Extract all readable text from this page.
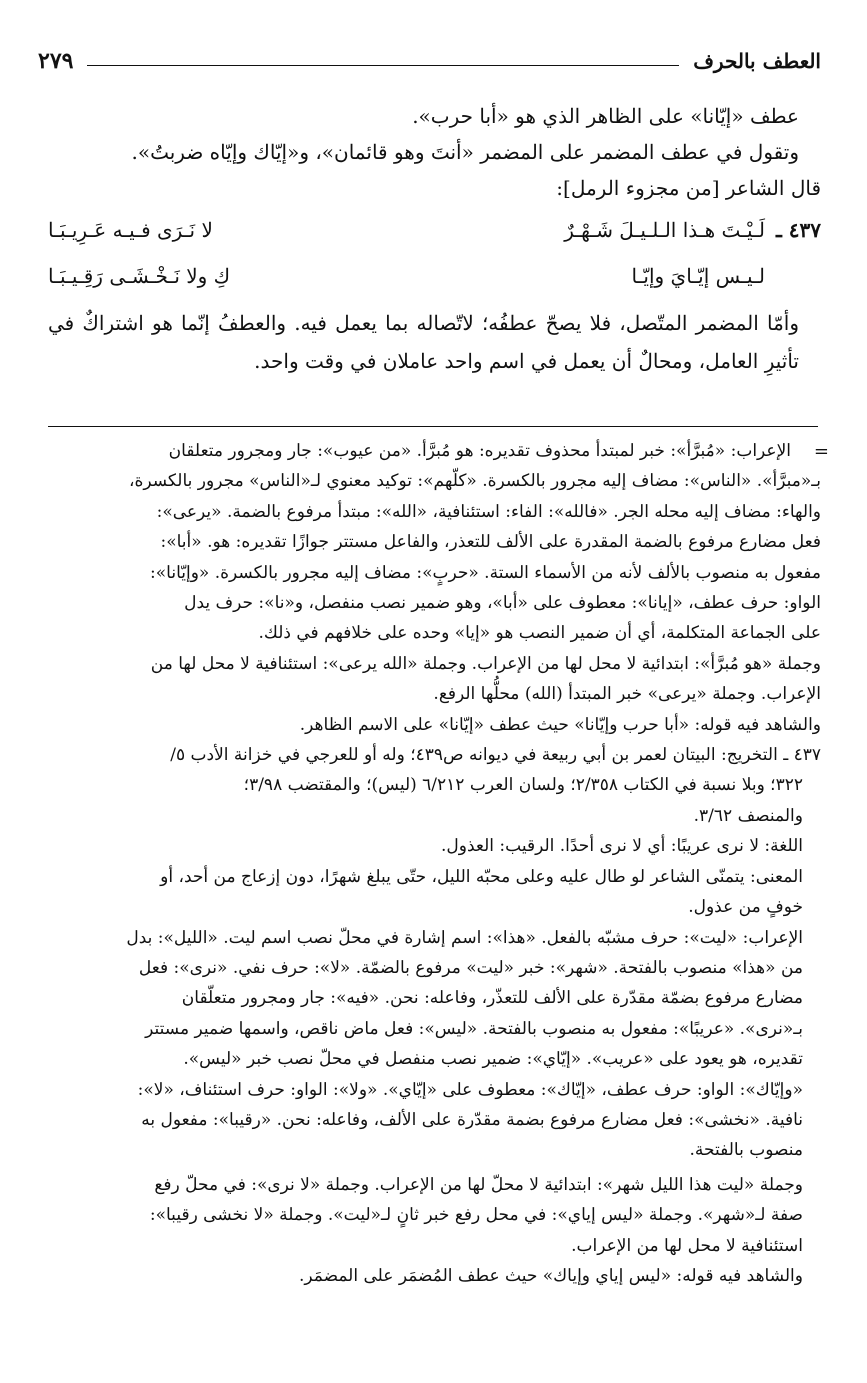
العطف بالحرف
٢٧٩
عطف «إيّانا» على الظاهر الذي هو «أبا حرب».
وتقول في عطف المضمر على المضمر «أنتَ وهو قائمان»، و«إيّاك وإيّاه ضربتُ».
قال الشاعر [من مجزوء الرمل]:
٤٣٧ ـ
لَـيْـتَ هـذا الـلـيـلَ شَـهْـرٌ
لا نَـرَى فـيـه عَـرِيـبَـا
لـيـس إيّـايَ وإيّـا
كِ ولا نَـخْـشَـى رَقِـيـبَـا
وأمّا المضمر المتّصل، فلا يصحّ عطفُه؛ لاتّصاله بما يعمل فيه. والعطفُ إنّما هو اشتراكٌ في تأثيرِ العامل، ومحالٌ أن يعمل في اسم واحد عاملان في وقت واحد.
=
الإعراب: «مُبرَّأ»: خبر لمبتدأ محذوف تقديره: هو مُبرَّأ. «من عيوب»: جار ومجرور متعلقان
بـ«مبرَّأ». «الناس»: مضاف إليه مجرور بالكسرة. «كلّهم»: توكيد معنوي لـ«الناس» مجرور بالكسرة،
والهاء: مضاف إليه محله الجر. «فالله»: الفاء: استئنافية، «الله»: مبتدأ مرفوع بالضمة. «يرعى»:
فعل مضارع مرفوع بالضمة المقدرة على الألف للتعذر، والفاعل مستتر جوازًا تقديره: هو. «أبا»:
مفعول به منصوب بالألف لأنه من الأسماء الستة. «حربٍ»: مضاف إليه مجرور بالكسرة. «وإيّانا»:
الواو: حرف عطف، «إيانا»: معطوف على «أبا»، وهو ضمير نصب منفصل، و«نا»: حرف يدل
على الجماعة المتكلمة، أي أن ضمير النصب هو «إيا» وحده على خلافهم في ذلك.
وجملة «هو مُبرَّأ»: ابتدائية لا محل لها من الإعراب. وجملة «الله يرعى»: استئنافية لا محل لها من
الإعراب. وجملة «يرعى» خبر المبتدأ (الله) محلُّها الرفع.
والشاهد فيه قوله: «أبا حرب وإيّانا» حيث عطف «إيّانا» على الاسم الظاهر.
٤٣٧ ـ التخريج: البيتان لعمر بن أبي ربيعة في ديوانه ص٤٣٩؛ وله أو للعرجي في خزانة الأدب ٥/
٣٢٢؛ وبلا نسبة في الكتاب ٢/٣٥٨؛ ولسان العرب ٦/٢١٢ (ليس)؛ والمقتضب ٣/٩٨؛
والمنصف ٣/٦٢.
اللغة: لا نرى عريبًا: أي لا نرى أحدًا. الرقيب: العذول.
المعنى: يتمنّى الشاعر لو طال عليه وعلى محبّه الليل، حتّى يبلغ شهرًا، دون إزعاج من أحد، أو
خوفٍ من عذول.
الإعراب: «ليت»: حرف مشبّه بالفعل. «هذا»: اسم إشارة في محلّ نصب اسم ليت. «الليل»: بدل
من «هذا» منصوب بالفتحة. «شهر»: خبر «ليت» مرفوع بالضمّة. «لا»: حرف نفي. «نرى»: فعل
مضارع مرفوع بضمّة مقدّرة على الألف للتعذّر، وفاعله: نحن. «فيه»: جار ومجرور متعلّقان
بـ«نرى». «عريبًا»: مفعول به منصوب بالفتحة. «ليس»: فعل ماض ناقص، واسمها ضمير مستتر
تقديره، هو يعود على «عريب». «إيّاي»: ضمير نصب منفصل في محلّ نصب خبر «ليس».
«وإيّاك»: الواو: حرف عطف، «إيّاك»: معطوف على «إيّاي». «ولا»: الواو: حرف استئناف، «لا»:
نافية. «نخشى»: فعل مضارع مرفوع بضمة مقدّرة على الألف، وفاعله: نحن. «رقيبا»: مفعول به
منصوب بالفتحة.
وجملة «ليت هذا الليل شهر»: ابتدائية لا محلّ لها من الإعراب. وجملة «لا نرى»: في محلّ رفع
صفة لـ«شهر». وجملة «ليس إياي»: في محل رفع خبر ثانٍ لـ«ليت». وجملة «لا نخشى رقيبا»:
استئنافية لا محل لها من الإعراب.
والشاهد فيه قوله: «ليس إياي وإياك» حيث عطف المُضمَر على المضمَر.
